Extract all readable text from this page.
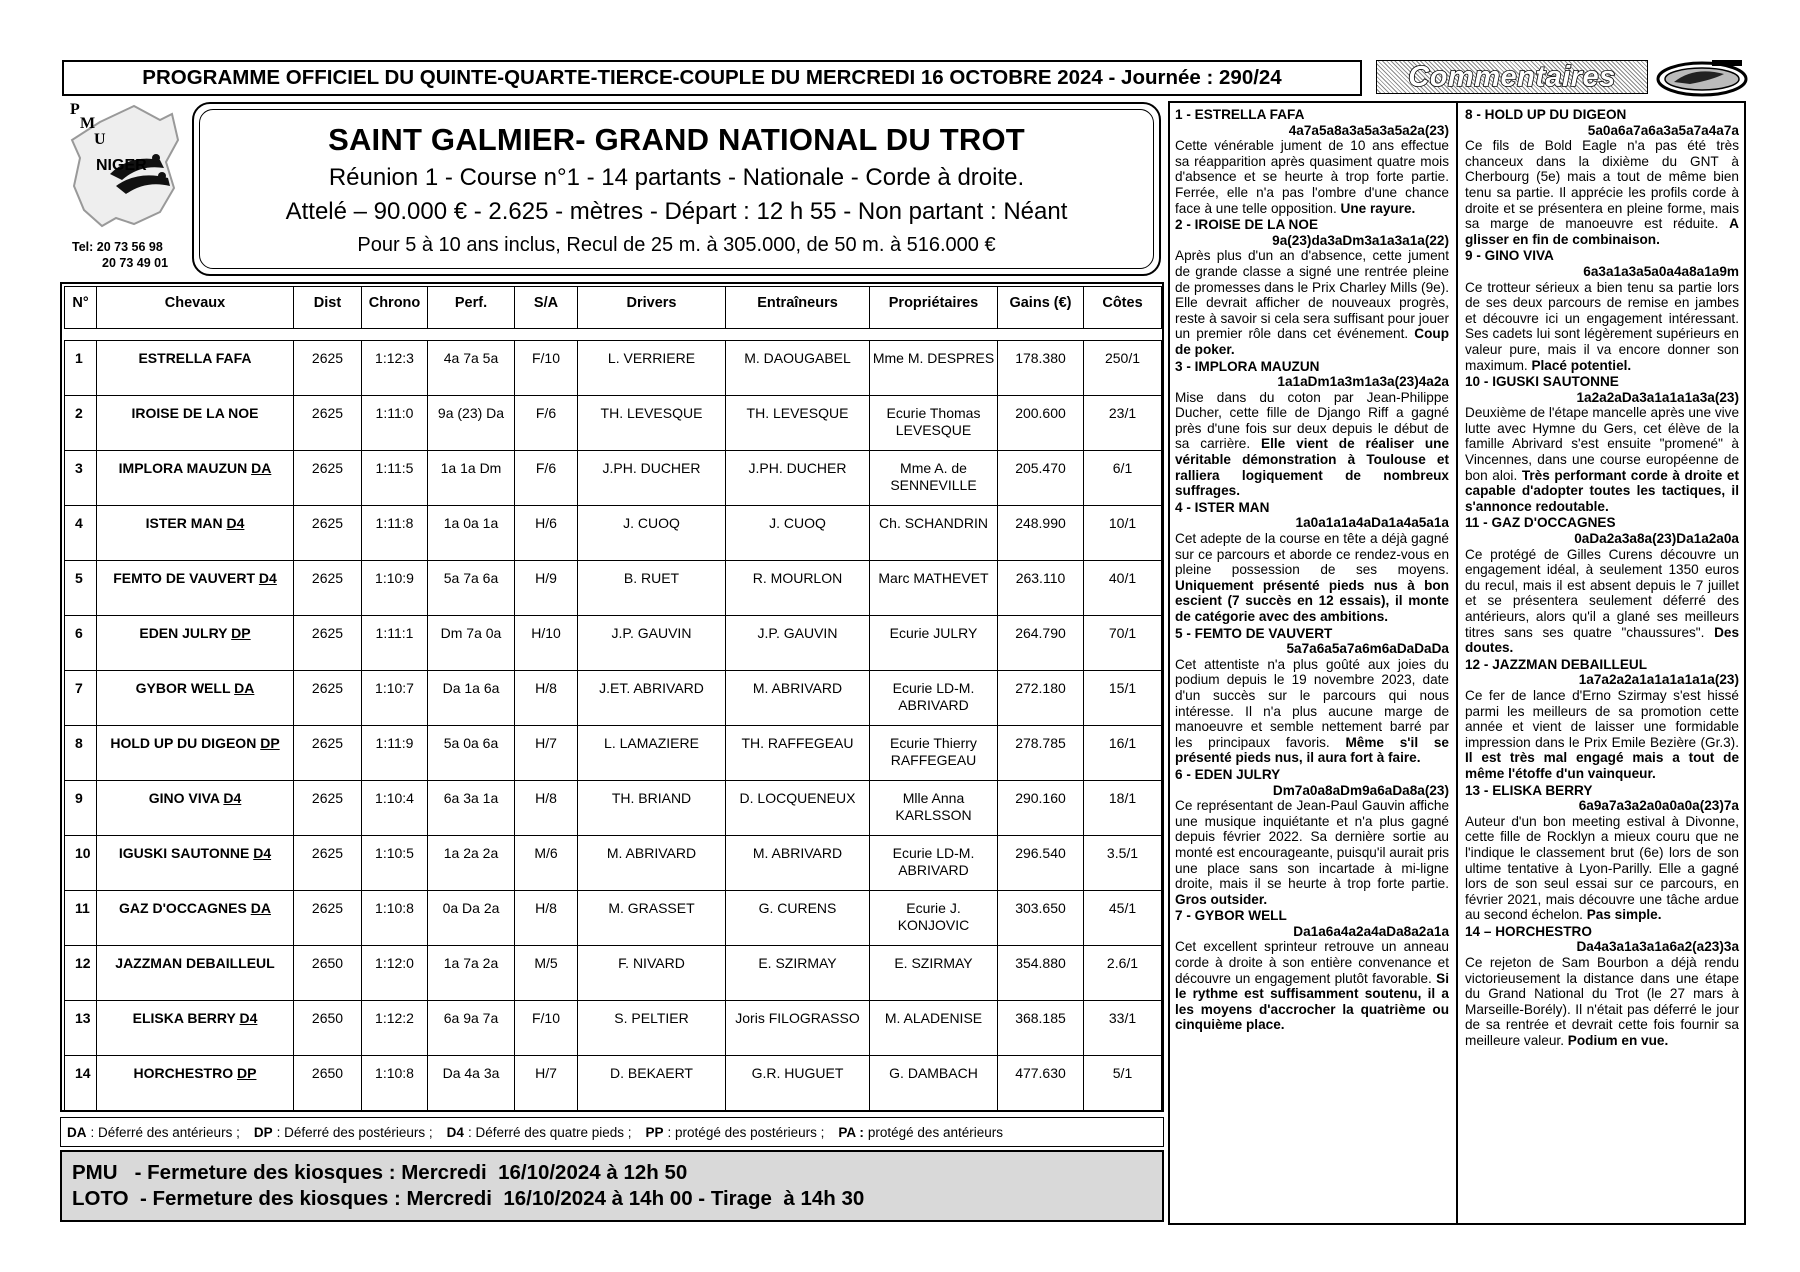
PROGRAMME OFFICIEL DU QUINTE-QUARTE-TIERCE-COUPLE DU MERCREDI 16 OCTOBRE 2024 - Journée : 290/24	Commentaires
P
M
U
NIGER
Tel: 20 73 56 98
20 73 49 01
SAINT GALMIER- GRAND NATIONAL DU TROT
Réunion 1 - Course n°1 - 14 partants - Nationale - Corde à droite.
Attelé – 90.000 € - 2.625 - mètres - Départ : 12 h 55 - Non partant : Néant
Pour 5 à 10 ans inclus, Recul de 25 m. à 305.000, de 50 m. à 516.000 €
N°	Chevaux	Dist	Chrono	Perf.	S/A	Drivers	Entraîneurs	Propriétaires	Gains (€)	Côtes

1	ESTRELLA FAFA	2625	1:12:3	4a 7a 5a	F/10	L. VERRIERE	M. DAOUGABEL	Mme M. DESPRES	178.380	250/1
2	IROISE DE LA NOE	2625	1:11:0	9a (23) Da	F/6	TH. LEVESQUE	TH. LEVESQUE	Ecurie Thomas LEVESQUE	200.600	23/1
3	IMPLORA MAUZUN DA	2625	1:11:5	1a 1a Dm	F/6	J.PH. DUCHER	J.PH. DUCHER	Mme A. de SENNEVILLE	205.470	6/1
4	ISTER MAN D4	2625	1:11:8	1a 0a 1a	H/6	J. CUOQ	J. CUOQ	Ch. SCHANDRIN	248.990	10/1
5	FEMTO DE VAUVERT D4	2625	1:10:9	5a 7a 6a	H/9	B. RUET	R. MOURLON	Marc MATHEVET	263.110	40/1
6	EDEN JULRY DP	2625	1:11:1	Dm 7a 0a	H/10	J.P. GAUVIN	J.P. GAUVIN	Ecurie JULRY	264.790	70/1
7	GYBOR WELL DA	2625	1:10:7	Da 1a 6a	H/8	J.ET. ABRIVARD	M. ABRIVARD	Ecurie LD-M. ABRIVARD	272.180	15/1
8	HOLD UP DU DIGEON DP	2625	1:11:9	5a 0a 6a	H/7	L. LAMAZIERE	TH. RAFFEGEAU	Ecurie Thierry RAFFEGEAU	278.785	16/1
9	GINO VIVA D4	2625	1:10:4	6a 3a 1a	H/8	TH. BRIAND	D. LOCQUENEUX	Mlle Anna KARLSSON	290.160	18/1
10	IGUSKI SAUTONNE D4	2625	1:10:5	1a 2a 2a	M/6	M. ABRIVARD	M. ABRIVARD	Ecurie LD-M. ABRIVARD	296.540	3.5/1
11	GAZ D'OCCAGNES DA	2625	1:10:8	0a Da 2a	H/8	M. GRASSET	G. CURENS	Ecurie J. KONJOVIC	303.650	45/1
12	JAZZMAN DEBAILLEUL	2650	1:12:0	1a 7a 2a	M/5	F. NIVARD	E. SZIRMAY	E. SZIRMAY	354.880	2.6/1
13	ELISKA BERRY D4	2650	1:12:2	6a 9a 7a	F/10	S. PELTIER	Joris FILOGRASSO	M. ALADENISE	368.185	33/1
14	HORCHESTRO DP	2650	1:10:8	Da 4a 3a	H/7	D. BEKAERT	G.R. HUGUET	G. DAMBACH	477.630	5/1
DA : Déferré des antérieurs ; DP : Déferré des postérieurs ; D4 : Déferré des quatre pieds ; PP : protégé des postérieurs ; PA : protégé des antérieurs
PMU   - Fermeture des kiosques : Mercredi  16/10/2024 à 12h 50
LOTO  - Fermeture des kiosques : Mercredi  16/10/2024 à 14h 00 - Tirage  à 14h 30
1 - ESTRELLA FAFA
4a7a5a8a3a5a3a5a2a(23)
Cette vénérable jument de 10 ans effectue sa réapparition après quasiment quatre mois d'absence et se heurte à trop forte partie. Ferrée, elle n'a pas l'ombre d'une chance face à une telle opposition. Une rayure.
2 - IROISE DE LA NOE
9a(23)da3aDm3a1a3a1a(22)
Après plus d'un an d'absence, cette jument de grande classe a signé une rentrée pleine de promesses dans le Prix Charley Mills (9e). Elle devrait afficher de nouveaux progrès, reste à savoir si cela sera suffisant pour jouer un premier rôle dans cet événement. Coup de poker.
3 - IMPLORA MAUZUN
1a1aDm1a3m1a3a(23)4a2a
Mise dans du coton par Jean-Philippe Ducher, cette fille de Django Riff a gagné près d'une fois sur deux depuis le début de sa carrière. Elle vient de réaliser une véritable démonstration à Toulouse et ralliera logiquement de nombreux suffrages.
4 - ISTER MAN
1a0a1a1a4aDa1a4a5a1a
Cet adepte de la course en tête a déjà gagné sur ce parcours et aborde ce rendez-vous en pleine possession de ses moyens. Uniquement présenté pieds nus à bon escient (7 succès en 12 essais), il monte de catégorie avec des ambitions.
5 - FEMTO DE VAUVERT
5a7a6a5a7a6m6aDaDaDa
Cet attentiste n'a plus goûté aux joies du podium depuis le 19 novembre 2023, date d'un succès sur le parcours qui nous intéresse. Il n'a plus aucune marge de manoeuvre et semble nettement barré par les principaux favoris. Même s'il se présenté pieds nus, il aura fort à faire.
6 - EDEN JULRY
Dm7a0a8aDm9a6aDa8a(23)
Ce représentant de Jean-Paul Gauvin affiche une musique inquiétante et n'a plus gagné depuis février 2022. Sa dernière sortie au monté est encourageante, puisqu'il aurait pris une place sans son incartade à mi-ligne droite, mais il se heurte à trop forte partie. Gros outsider.
7 - GYBOR WELL
Da1a6a4a2a4aDa8a2a1a
Cet excellent sprinteur retrouve un anneau corde à droite à son entière convenance et découvre un engagement plutôt favorable. Si le rythme est suffisamment soutenu, il a les moyens d'accrocher la quatrième ou cinquième place.
8 - HOLD UP DU DIGEON
5a0a6a7a6a3a5a7a4a7a
Ce fils de Bold Eagle n'a pas été très chanceux dans la dixième du GNT à Cherbourg (5e) mais a tout de même bien tenu sa partie. Il apprécie les profils corde à droite et se présentera en pleine forme, mais sa marge de manoeuvre est réduite. A glisser en fin de combinaison.
9 - GINO VIVA
6a3a1a3a5a0a4a8a1a9m
Ce trotteur sérieux a bien tenu sa partie lors de ses deux parcours de remise en jambes et découvre ici un engagement intéressant. Ses cadets lui sont légèrement supérieurs en valeur pure, mais il va encore donner son maximum. Placé potentiel.
10 - IGUSKI SAUTONNE
1a2a2aDa3a1a1a1a3a(23)
Deuxième de l'étape mancelle après une vive lutte avec Hymne du Gers, cet élève de la famille Abrivard s'est ensuite "promené" à Vincennes, dans une course européenne de bon aloi. Très performant corde à droite et capable d'adopter toutes les tactiques, il s'annonce redoutable.
11 - GAZ D'OCCAGNES
0aDa2a3a8a(23)Da1a2a0a
Ce protégé de Gilles Curens découvre un engagement idéal, à seulement 1350 euros du recul, mais il est absent depuis le 7 juillet et se présentera seulement déferré des antérieurs, alors qu'il a glané ses meilleurs titres sans ses quatre "chaussures". Des doutes.
12 - JAZZMAN DEBAILLEUL
1a7a2a2a1a1a1a1a1a(23)
Ce fer de lance d'Erno Szirmay s'est hissé parmi les meilleurs de sa promotion cette année et vient de laisser une formidable impression dans le Prix Emile Bezière (Gr.3). Il est très mal engagé mais a tout de même l'étoffe d'un vainqueur.
13 - ELISKA BERRY
6a9a7a3a2a0a0a0a(23)7a
Auteur d'un bon meeting estival à Divonne, cette fille de Rocklyn a mieux couru que ne l'indique le classement brut (6e) lors de son ultime tentative à Lyon-Parilly. Elle a gagné lors de son seul essai sur ce parcours, en février 2021, mais découvre une tâche ardue au second échelon. Pas simple.
14 – HORCHESTRO
Da4a3a1a3a1a6a2(a23)3a
Ce rejeton de Sam Bourbon a déjà rendu victorieusement la distance dans une étape du Grand National du Trot (le 27 mars à Marseille-Borély). Il n'était pas déferré le jour de sa rentrée et devrait cette fois fournir sa meilleure valeur. Podium en vue.
